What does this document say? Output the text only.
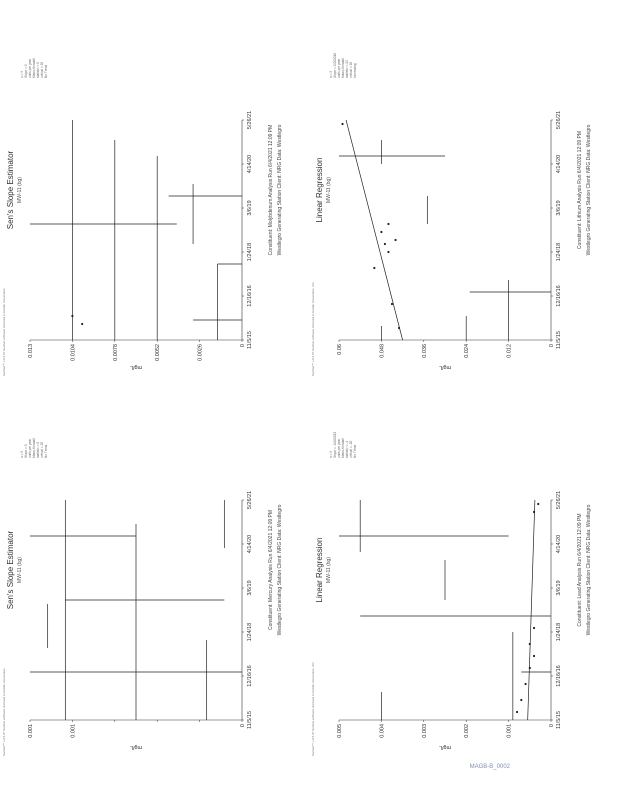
Sanitas™ v.9.6.0? Sanitas software licensed to Golder Associates. UG
Linear Regression MW-11 (bg)
0
0.012
0.024
0.036
0.048
0.06
11/5/15
12/16/16
1/24/18
3/6/19
4/14/20
5/26/21
mg/L
Constituent: Lithium Analysis Run 6/4/2021 12:09 PM Westlegro Generating Station Client: NRG Data: Westlegro
n = 9 Slope = 0.002016 units per year Mann-Kendall statistic = 22 critical = 20 Increasing
Sanitas™ v.9.6.0? Sanitas software licensed to Golder Associates.
Sen's Slope Estimator MW-11 (bg)
0
0.0026
0.0052
0.0078
0.0104
0.013
11/5/15
12/16/16
1/24/18
3/6/19
4/14/20
5/26/21
mg/L
Constituent: Molybdenum Analysis Run 6/4/2021 12:09 PM Westlegro Generating Station Client: NRG Data: Westlegro
n = 9 Slope = 0 units per year Mann-Kendall statistic = 0 critical = 20 No Trend
Sanitas™ v.9.6.0? Sanitas software licensed to Golder Associates. UG
Linear Regression MW-11 (bg)
0
0.001
0.002
0.003
0.004
0.005
11/5/15
12/16/16
1/24/18
3/6/19
4/14/20
5/26/21
mg/L
Constituent: Lead Analysis Run 6/4/2021 12:09 PM Westlegro Generating Station Client: NRG Data: Westlegro
n = 9 Slope = -0.000013 units per year Mann-Kendall statistic = -4 critical = -20 No Trend
Sanitas™ v.9.6.0? Sanitas software licensed to Golder Associates.
Sen's Slope Estimator MW-11 (bg)
0
0.001
0.001
11/5/15
12/16/16
1/24/18
3/6/19
4/14/20
5/26/21
mg/L
Constituent: Mercury Analysis Run 6/4/2021 12:09 PM Westlegro Generating Station Client: NRG Data: Westlegro
n = 9 Slope = 0 units per year Mann-Kendall statistic = 0 critical = 20 No Trend
MAGB-B_0002
